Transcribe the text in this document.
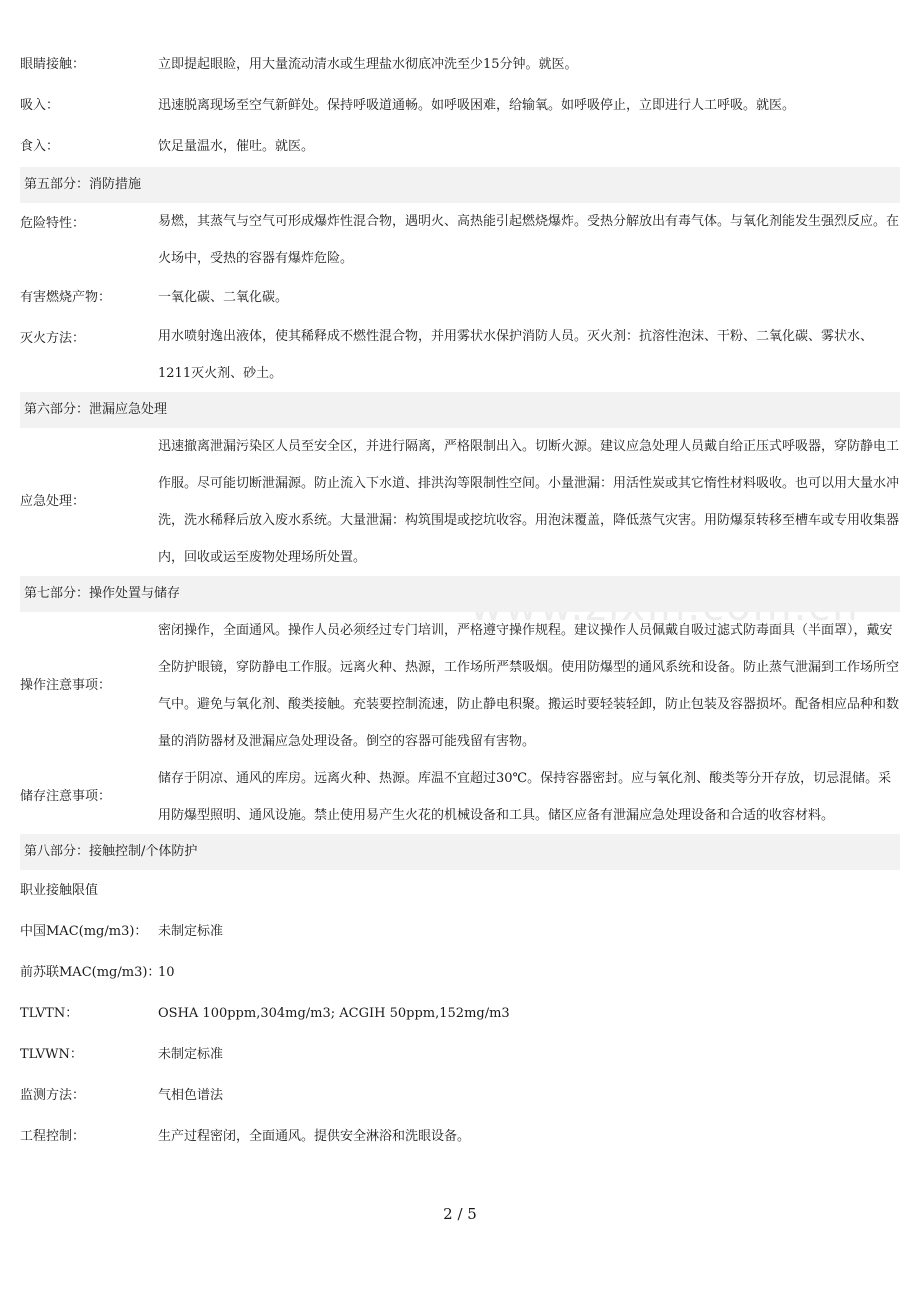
眼睛接触：	立即提起眼睑，用大量流动清水或生理盐水彻底冲洗至少15分钟。就医。
吸入：	迅速脱离现场至空气新鲜处。保持呼吸道通畅。如呼吸困难，给输氧。如呼吸停止，立即进行人工呼吸。就医。
食入：	饮足量温水，催吐。就医。
第五部分：消防措施
危险特性：	易燃，其蒸气与空气可形成爆炸性混合物，遇明火、高热能引起燃烧爆炸。受热分解放出有毒气体。与氧化剂能发生强烈反应。在火场中，受热的容器有爆炸危险。
有害燃烧产物：	一氧化碳、二氧化碳。
灭火方法：	用水喷射逸出液体，使其稀释成不燃性混合物，并用雾状水保护消防人员。灭火剂：抗溶性泡沫、干粉、二氧化碳、雾状水、1211灭火剂、砂土。
第六部分：泄漏应急处理
应急处理：
迅速撤离泄漏污染区人员至安全区，并进行隔离，严格限制出入。切断火源。建议应急处理人员戴自给正压式呼吸器，穿防静电工作服。尽可能切断泄漏源。防止流入下水道、排洪沟等限制性空间。小量泄漏：用活性炭或其它惰性材料吸收。也可以用大量水冲洗，洗水稀释后放入废水系统。大量泄漏：构筑围堤或挖坑收容。用泡沫覆盖，降低蒸气灾害。用防爆泵转移至槽车或专用收集器内，回收或运至废物处理场所处置。
第七部分：操作处置与储存
操作注意事项：
密闭操作，全面通风。操作人员必须经过专门培训，严格遵守操作规程。建议操作人员佩戴自吸过滤式防毒面具（半面罩），戴安全防护眼镜，穿防静电工作服。远离火种、热源，工作场所严禁吸烟。使用防爆型的通风系统和设备。防止蒸气泄漏到工作场所空气中。避免与氧化剂、酸类接触。充装要控制流速，防止静电积聚。搬运时要轻装轻卸，防止包装及容器损坏。配备相应品种和数量的消防器材及泄漏应急处理设备。倒空的容器可能残留有害物。
储存注意事项：
储存于阴凉、通风的库房。远离火种、热源。库温不宜超过30℃。保持容器密封。应与氧化剂、酸类等分开存放，切忌混储。采用防爆型照明、通风设施。禁止使用易产生火花的机械设备和工具。储区应备有泄漏应急处理设备和合适的收容材料。
第八部分：接触控制/个体防护
职业接触限值
中国MAC(mg/m3)： 未制定标准
前苏联MAC(mg/m3)：
10
TLVTN：	OSHA 100ppm,304mg/m3; ACGIH 50ppm,152mg/m3
TLVWN：	未制定标准
监测方法：	气相色谱法
工程控制：	生产过程密闭，全面通风。提供安全淋浴和洗眼设备。
2 / 5
